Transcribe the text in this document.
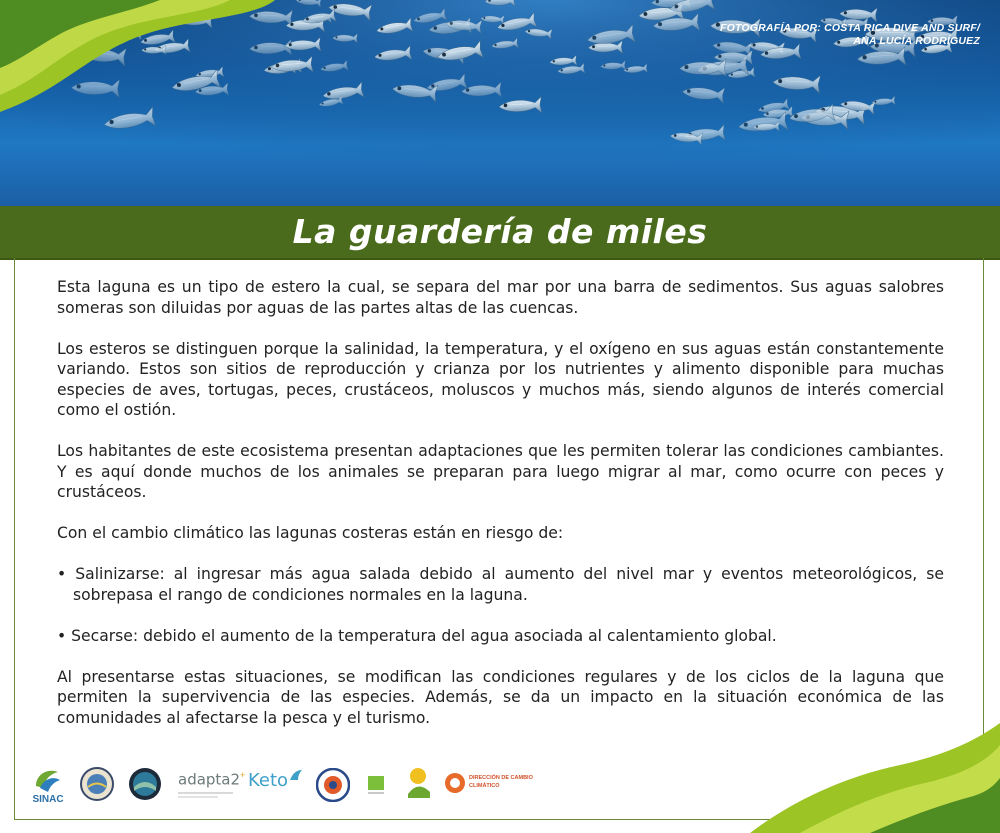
FOTOGRAFÍA POR: COSTA RICA DIVE AND SURF/ ANA LUCÍA RODRÍGUEZ
La guardería de miles

Esta laguna es un tipo de estero la cual, se separa del mar por una barra de sedimentos. Sus aguas salobres someras son diluidas por aguas de las partes altas de las cuencas.

Los esteros se distinguen porque la salinidad, la temperatura, y el oxígeno en sus aguas están constantemente variando. Estos son sitios de reproducción y crianza por los nutrientes y alimento disponible para muchas especies de aves, tortugas, peces, crustáceos, moluscos y muchos más, siendo algunos de interés comercial como el ostión.

Los habitantes de este ecosistema presentan adaptaciones que les permiten tolerar las condiciones cambiantes. Y es aquí donde muchos de los animales se preparan para luego migrar al mar, como ocurre con peces y crustáceos.

Con el cambio climático las lagunas costeras están en riesgo de:

• Salinizarse: al ingresar más agua salada debido al aumento del nivel mar y eventos meteorológicos, se sobrepasa el rango de condiciones normales en la laguna.

• Secarse: debido el aumento de la temperatura del agua asociada al calentamiento global.

Al presentarse estas situaciones, se modifican las condiciones regulares y de los ciclos de la laguna que permiten la supervivencia de las especies. Además, se da un impacto en la situación económica de las comunidades al afectarse la pesca y el turismo.

SINAC
adapta2+ Keto	DIRECCIÓN DE CAMBIO CLIMÁTICO
